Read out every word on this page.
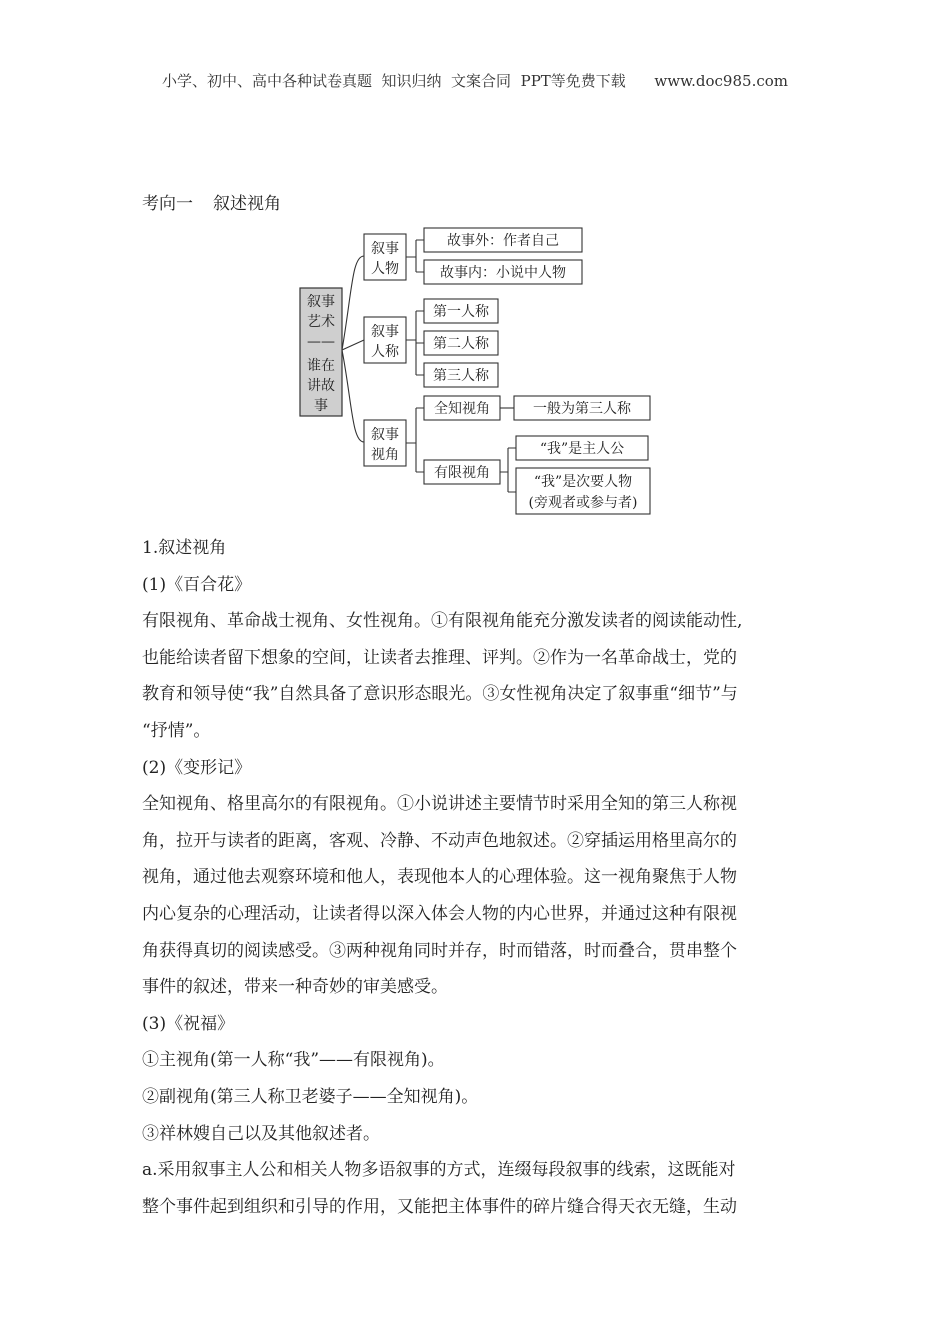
小学、初中、高中各种试卷真题  知识归纳  文案合同  PPT等免费下载      www.doc985.com
考向一 叙述视角
叙事
艺术
——
谁在
讲故
事
叙事
人物
故事外：作者自己
故事内：小说中人物
叙事
人称
第一人称
第二人称
第三人称
叙事
视角
全知视角	一般为第三人称
有限视角
“我”是主人公
“我”是次要人物
(旁观者或参与者)

1.叙述视角

(1)《百合花》

有限视角、革命战士视角、女性视角。①有限视角能充分激发读者的阅读能动性,

也能给读者留下想象的空间，让读者去推理、评判。②作为一名革命战士，党的

教育和领导使“我”自然具备了意识形态眼光。③女性视角决定了叙事重“细节”与

“抒情”。

(2)《变形记》

全知视角、格里高尔的有限视角。①小说讲述主要情节时采用全知的第三人称视

角，拉开与读者的距离，客观、冷静、不动声色地叙述。②穿插运用格里高尔的

视角，通过他去观察环境和他人，表现他本人的心理体验。这一视角聚焦于人物

内心复杂的心理活动，让读者得以深入体会人物的内心世界，并通过这种有限视

角获得真切的阅读感受。③两种视角同时并存，时而错落，时而叠合，贯串整个

事件的叙述，带来一种奇妙的审美感受。

(3)《祝福》

①主视角(第一人称“我”——有限视角)。

②副视角(第三人称卫老婆子——全知视角)。

③祥林嫂自己以及其他叙述者。

a.采用叙事主人公和相关人物多语叙事的方式，连缀每段叙事的线索，这既能对

整个事件起到组织和引导的作用，又能把主体事件的碎片缝合得天衣无缝，生动
